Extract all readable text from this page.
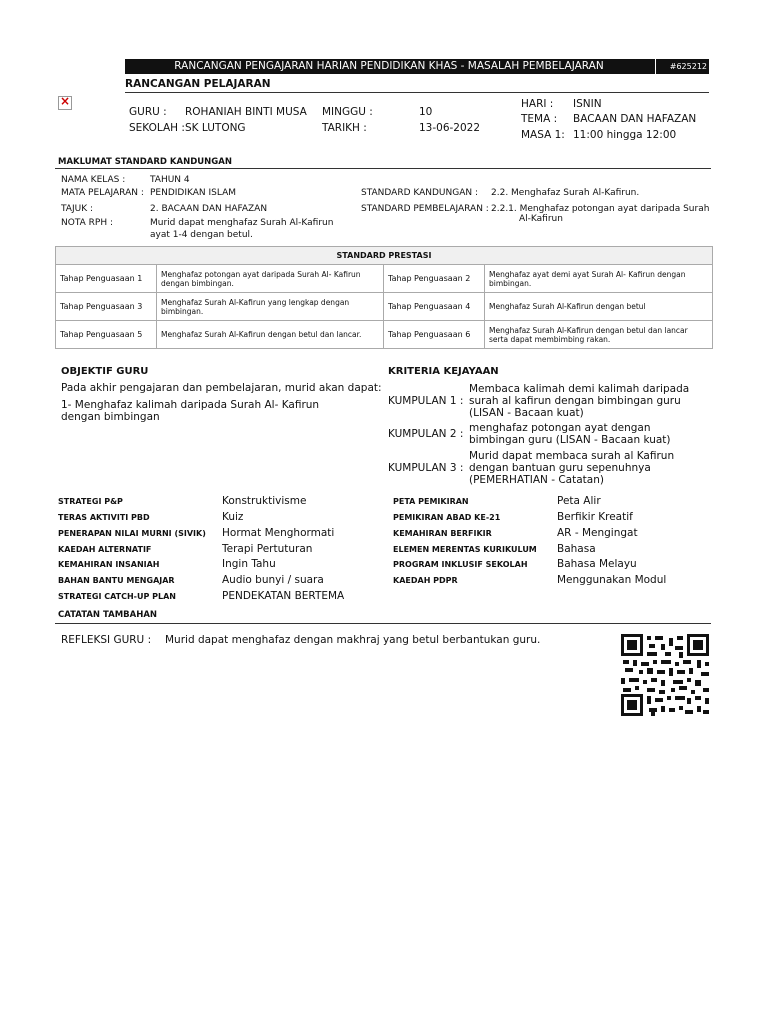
RANCANGAN PENGAJARAN HARIAN PENDIDIKAN KHAS - MASALAH PEMBELAJARAN	#625212
RANCANGAN PELAJARAN
×
GURU : ROHANIAH BINTI MUSA
SEKOLAH : SK LUTONG
MINGGU :	10
TARIKH :	13-06-2022
HARI : ISNIN
TEMA : BACAAN DAN HAFAZAN
MASA 1: 11:00 hingga 12:00
MAKLUMAT STANDARD KANDUNGAN
NAMA KELAS :	TAHUN 4
MATA PELAJARAN : PENDIDIKAN ISLAM
TAJUK :	2. BACAAN DAN HAFAZAN
NOTA RPH :	Murid dapat menghafaz Surah Al-Kafirun
ayat 1-4 dengan betul.
STANDARD KANDUNGAN : 2.2. Menghafaz Surah Al-Kafirun.
STANDARD PEMBELAJARAN : 2.2.1. Menghafaz potongan ayat daripada Surah
Al-Kafirun
STANDARD PRESTASI			
Tahap Penguasaan 1	Menghafaz potongan ayat daripada Surah Al- Kafirun dengan bimbingan.	Tahap Penguasaan 2	Menghafaz ayat demi ayat Surah Al- Kafirun dengan bimbingan.
Tahap Penguasaan 3	Menghafaz Surah Al-Kafirun yang lengkap dengan bimbingan.	Tahap Penguasaan 4	Menghafaz Surah Al-Kafirun dengan betul
Tahap Penguasaan 5	Menghafaz Surah Al-Kafirun dengan betul dan lancar.	Tahap Penguasaan 6	Menghafaz Surah Al-Kafirun dengan betul dan lancar serta dapat membimbing rakan.
OBJEKTIF GURU
Pada akhir pengajaran dan pembelajaran, murid akan dapat:
1- Menghafaz kalimah daripada Surah Al- Kafirun dengan bimbingan
KRITERIA KEJAYAAN
KUMPULAN 1 :
Membaca kalimah demi kalimah daripada surah al kafirun dengan bimbingan guru (LISAN - Bacaan kuat)
KUMPULAN 2 : menghafaz potongan ayat dengan bimbingan guru (LISAN - Bacaan kuat)
KUMPULAN 3 :
Murid dapat membaca surah al Kafirun dengan bantuan guru sepenuhnya (PEMERHATIAN - Catatan)
STRATEGI P&P	Konstruktivisme
TERAS AKTIVITI PBD	Kuiz
PENERAPAN NILAI MURNI (SIVIK) Hormat Menghormati
KAEDAH ALTERNATIF	Terapi Pertuturan
KEMAHIRAN INSANIAH	Ingin Tahu
BAHAN BANTU MENGAJAR	Audio bunyi / suara
STRATEGI CATCH-UP PLAN	PENDEKATAN BERTEMA
PETA PEMIKIRAN	Peta Alir
PEMIKIRAN ABAD KE-21	Berfikir Kreatif
KEMAHIRAN BERFIKIR	AR - Mengingat
ELEMEN MERENTAS KURIKULUM Bahasa
PROGRAM INKLUSIF SEKOLAH	Bahasa Melayu
KAEDAH PDPR	Menggunakan Modul
CATATAN TAMBAHAN
REFLEKSI GURU : Murid dapat menghafaz dengan makhraj yang betul berbantukan guru.
